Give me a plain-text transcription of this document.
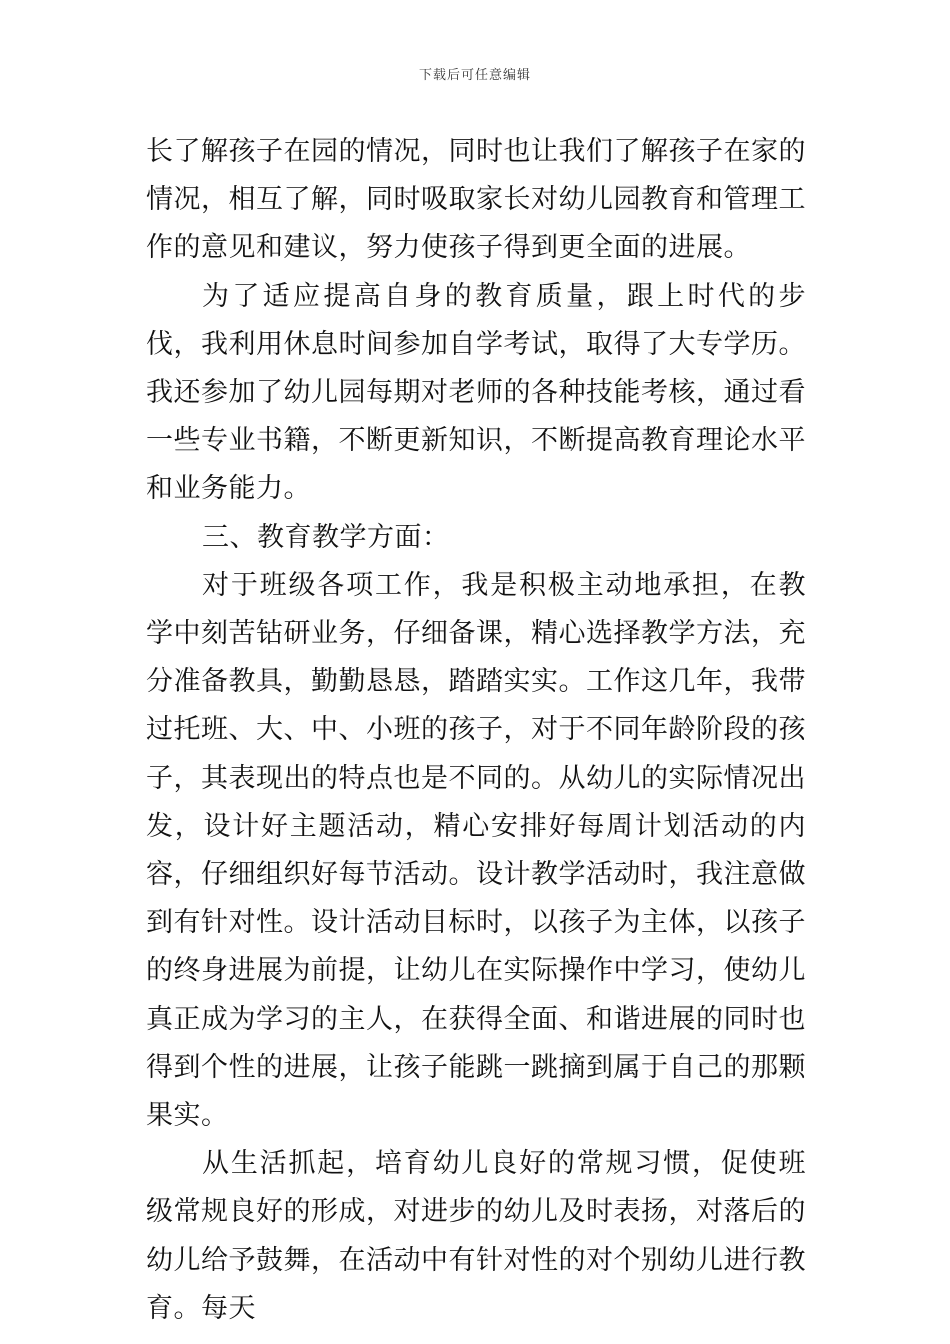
下载后可任意编辑

长了解孩子在园的情况，同时也让我们了解孩子在家的情况，相互了解，同时吸取家长对幼儿园教育和管理工作的意见和建议，努力使孩子得到更全面的进展。

为了适应提高自身的教育质量，跟上时代的步伐，我利用休息时间参加自学考试，取得了大专学历。我还参加了幼儿园每期对老师的各种技能考核，通过看一些专业书籍，不断更新知识，不断提高教育理论水平和业务能力。

三、教育教学方面：

对于班级各项工作，我是积极主动地承担，在教学中刻苦钻研业务，仔细备课，精心选择教学方法，充分准备教具，勤勤恳恳，踏踏实实。工作这几年，我带过托班、大、中、小班的孩子，对于不同年龄阶段的孩子，其表现出的特点也是不同的。从幼儿的实际情况出发，设计好主题活动，精心安排好每周计划活动的内容，仔细组织好每节活动。设计教学活动时，我注意做到有针对性。设计活动目标时，以孩子为主体，以孩子的终身进展为前提，让幼儿在实际操作中学习，使幼儿真正成为学习的主人，在获得全面、和谐进展的同时也得到个性的进展，让孩子能跳一跳摘到属于自己的那颗果实。

从生活抓起，培育幼儿良好的常规习惯，促使班级常规良好的形成，对进步的幼儿及时表扬，对落后的幼儿给予鼓舞，在活动中有针对性的对个别幼儿进行教育。每天
